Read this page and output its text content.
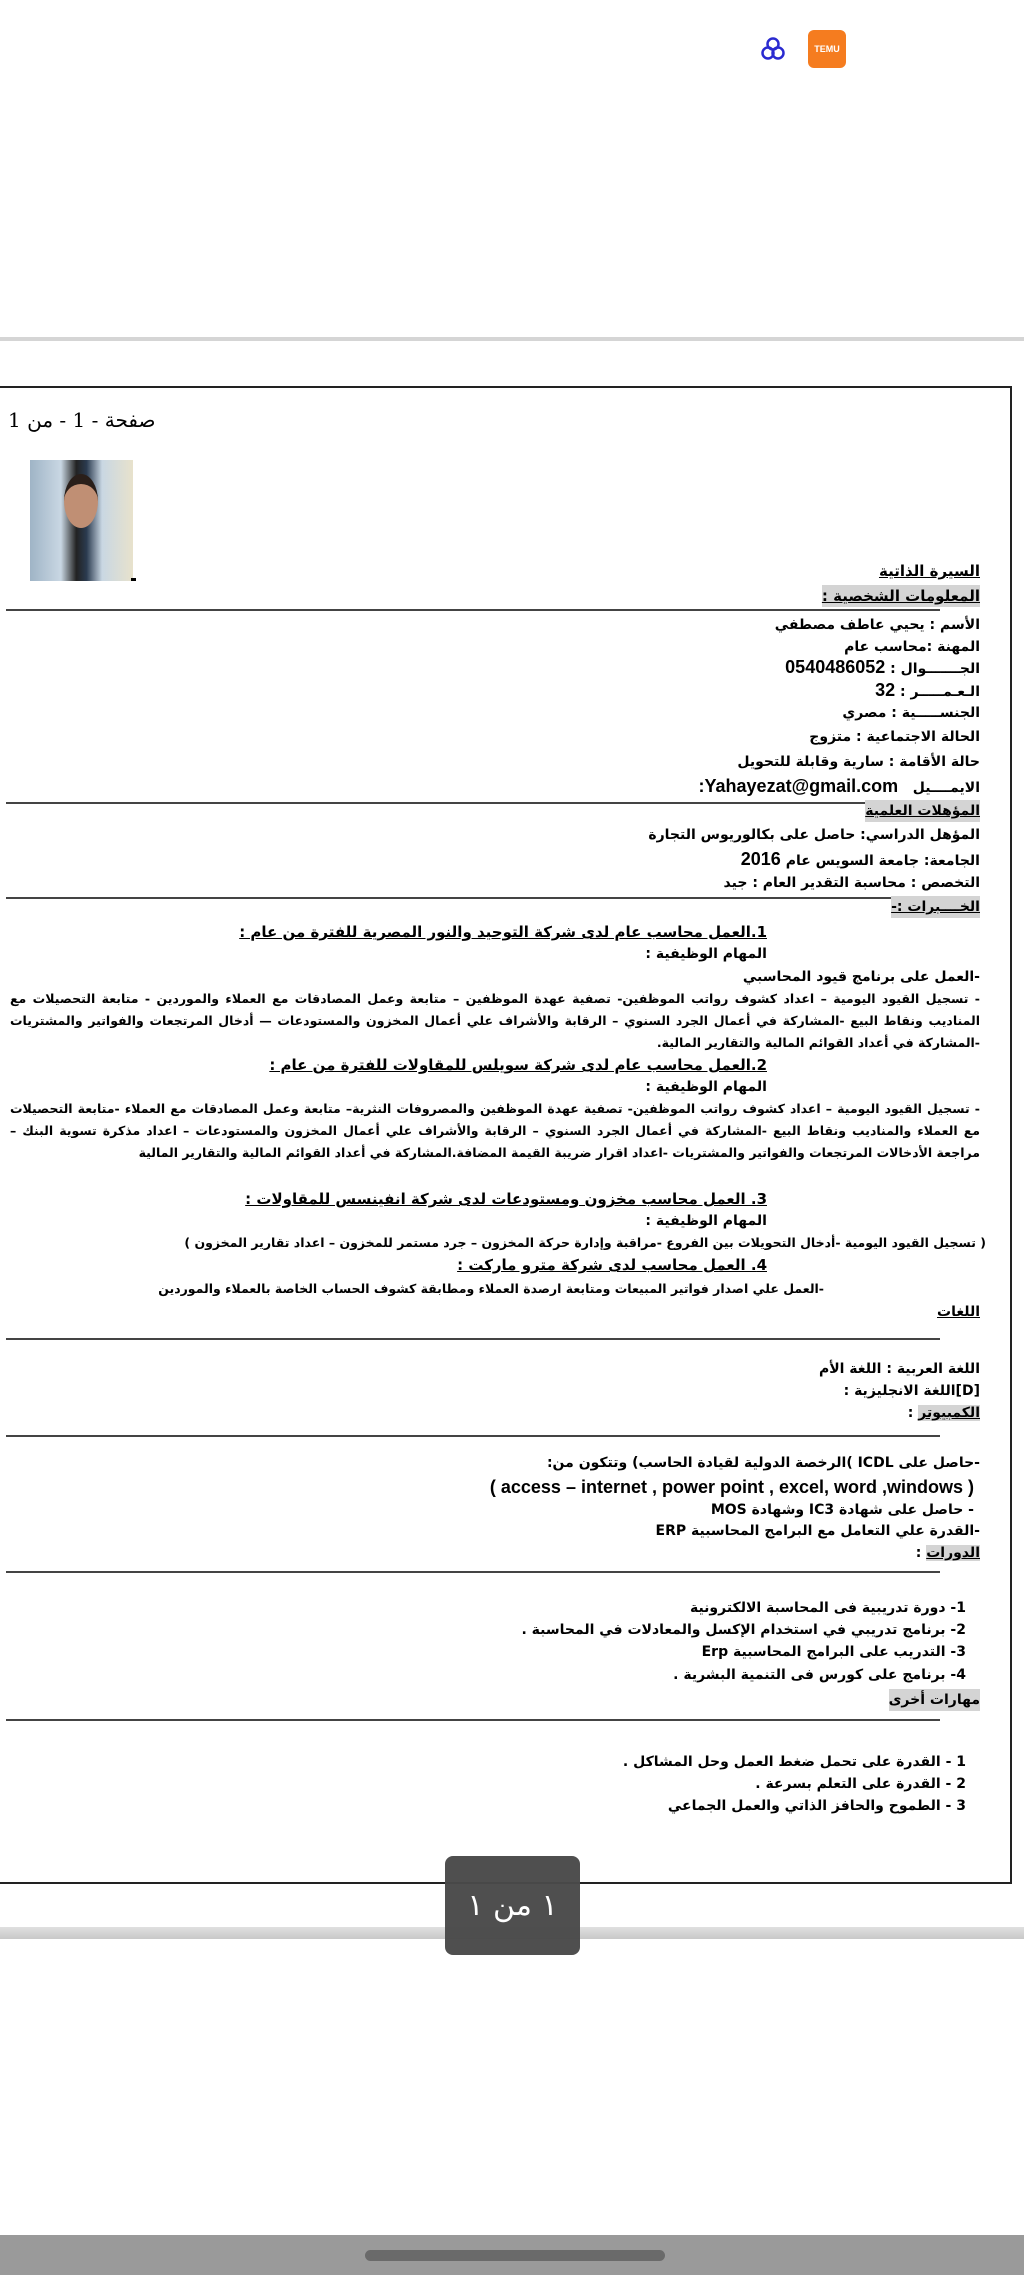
TEMU
صفحة - 1 - من 1
السيرة الذاتية
المعلومات الشخصية :
الأسم : يحيي عاطف مصطفي
المهنة :محاسب عام
الجـــــــوال : 0540486052
الـعـمـــــر : 32
الجنســـــية : مصري
الحالة الاجتماعية : متزوج
حالة الأقامة : سارية وقابلة للتحويل
الايمــــيل   Yahayezat@gmail.com:
المؤهلات العلمية
المؤهل الدراسي: حاصل على بكالوريوس التجارة
الجامعة: جامعة السويس عام 2016
التخصص : محاسبة التقدير العام : جيد
الخــــبرات :-
1.العمل محاسب عام لدى شركة التوحيد والنور المصرية للفترة من عام :
المهام الوظيفية :
-العمل على برنامج قيود المحاسبي
- تسجيل القيود اليومية – اعداد كشوف رواتب الموظفين- تصفية عهدة الموظفين – متابعة وعمل المصادقات مع العملاء والموردين - متابعة التحصيلات مع المناديب ونقاط البيع -المشاركة في أعمال الجرد السنوي – الرقابة والأشراف علي أعمال المخزون والمستودعات — أدخال المرتجعات والفواتير والمشتريات -المشاركة في أعداد القوائم المالية والتقارير المالية.
2.العمل محاسب عام لدى شركة سويلس للمقاولات للفترة من عام :
المهام الوظيفية :
- تسجيل القيود اليومية – اعداد كشوف رواتب الموظفين- تصفية عهدة الموظفين والمصروفات النثرية– متابعة وعمل المصادقات مع العملاء -متابعة التحصيلات مع العملاء والمناديب ونقاط البيع -المشاركة في أعمال الجرد السنوي – الرقابة والأشراف علي أعمال المخزون والمستودعات – اعداد مذكرة تسوية البنك – مراجعة الأدخالات المرتجعات والفواتير والمشتريات -اعداد اقرار ضريبة القيمة المضافة.المشاركة في أعداد القوائم المالية والتقارير المالية
3. العمل محاسب مخزون ومستودعات لدى شركة انفينسس للمقاولات :
المهام الوظيفية :
( تسجيل القيود اليومية -أدخال التحويلات بين الفروع -مراقبة وإدارة حركة المخزون – جرد مستمر للمخزون – اعداد تقارير المخزون )
4. العمل محاسب لدى شركة مترو ماركت :
-العمل علي اصدار فواتير المبيعات ومتابعة ارصدة العملاء ومطابقة كشوف الحساب الخاصة بالعملاء والموردين
اللغات
اللغة العربية : اللغة الأم
[D]اللغة الانجليزية :
الكمبيوتر :
-حاصل على ICDL )الرخصة الدولية لقيادة الحاسب) وتتكون من:
( access – internet , power point , excel, word ,windows )
- حاصل على شهادة IC3 وشهادة MOS
-القدرة علي التعامل مع البرامج المحاسبية ERP
الدورات :
1- دورة تدريبية فى المحاسبة الالكترونية
2- برنامج تدريبي في استخدام الإكسل والمعادلات في المحاسبة .
3- التدريب على البرامج المحاسبية Erp
4- برنامج على كورس فى التنمية البشرية .
مهارات أخرى
1 - القدرة على تحمل ضغط العمل وحل المشاكل .
2 - القدرة على التعلم بسرعة .
3 - الطموح والحافز الذاتي والعمل الجماعي
١ من ١
